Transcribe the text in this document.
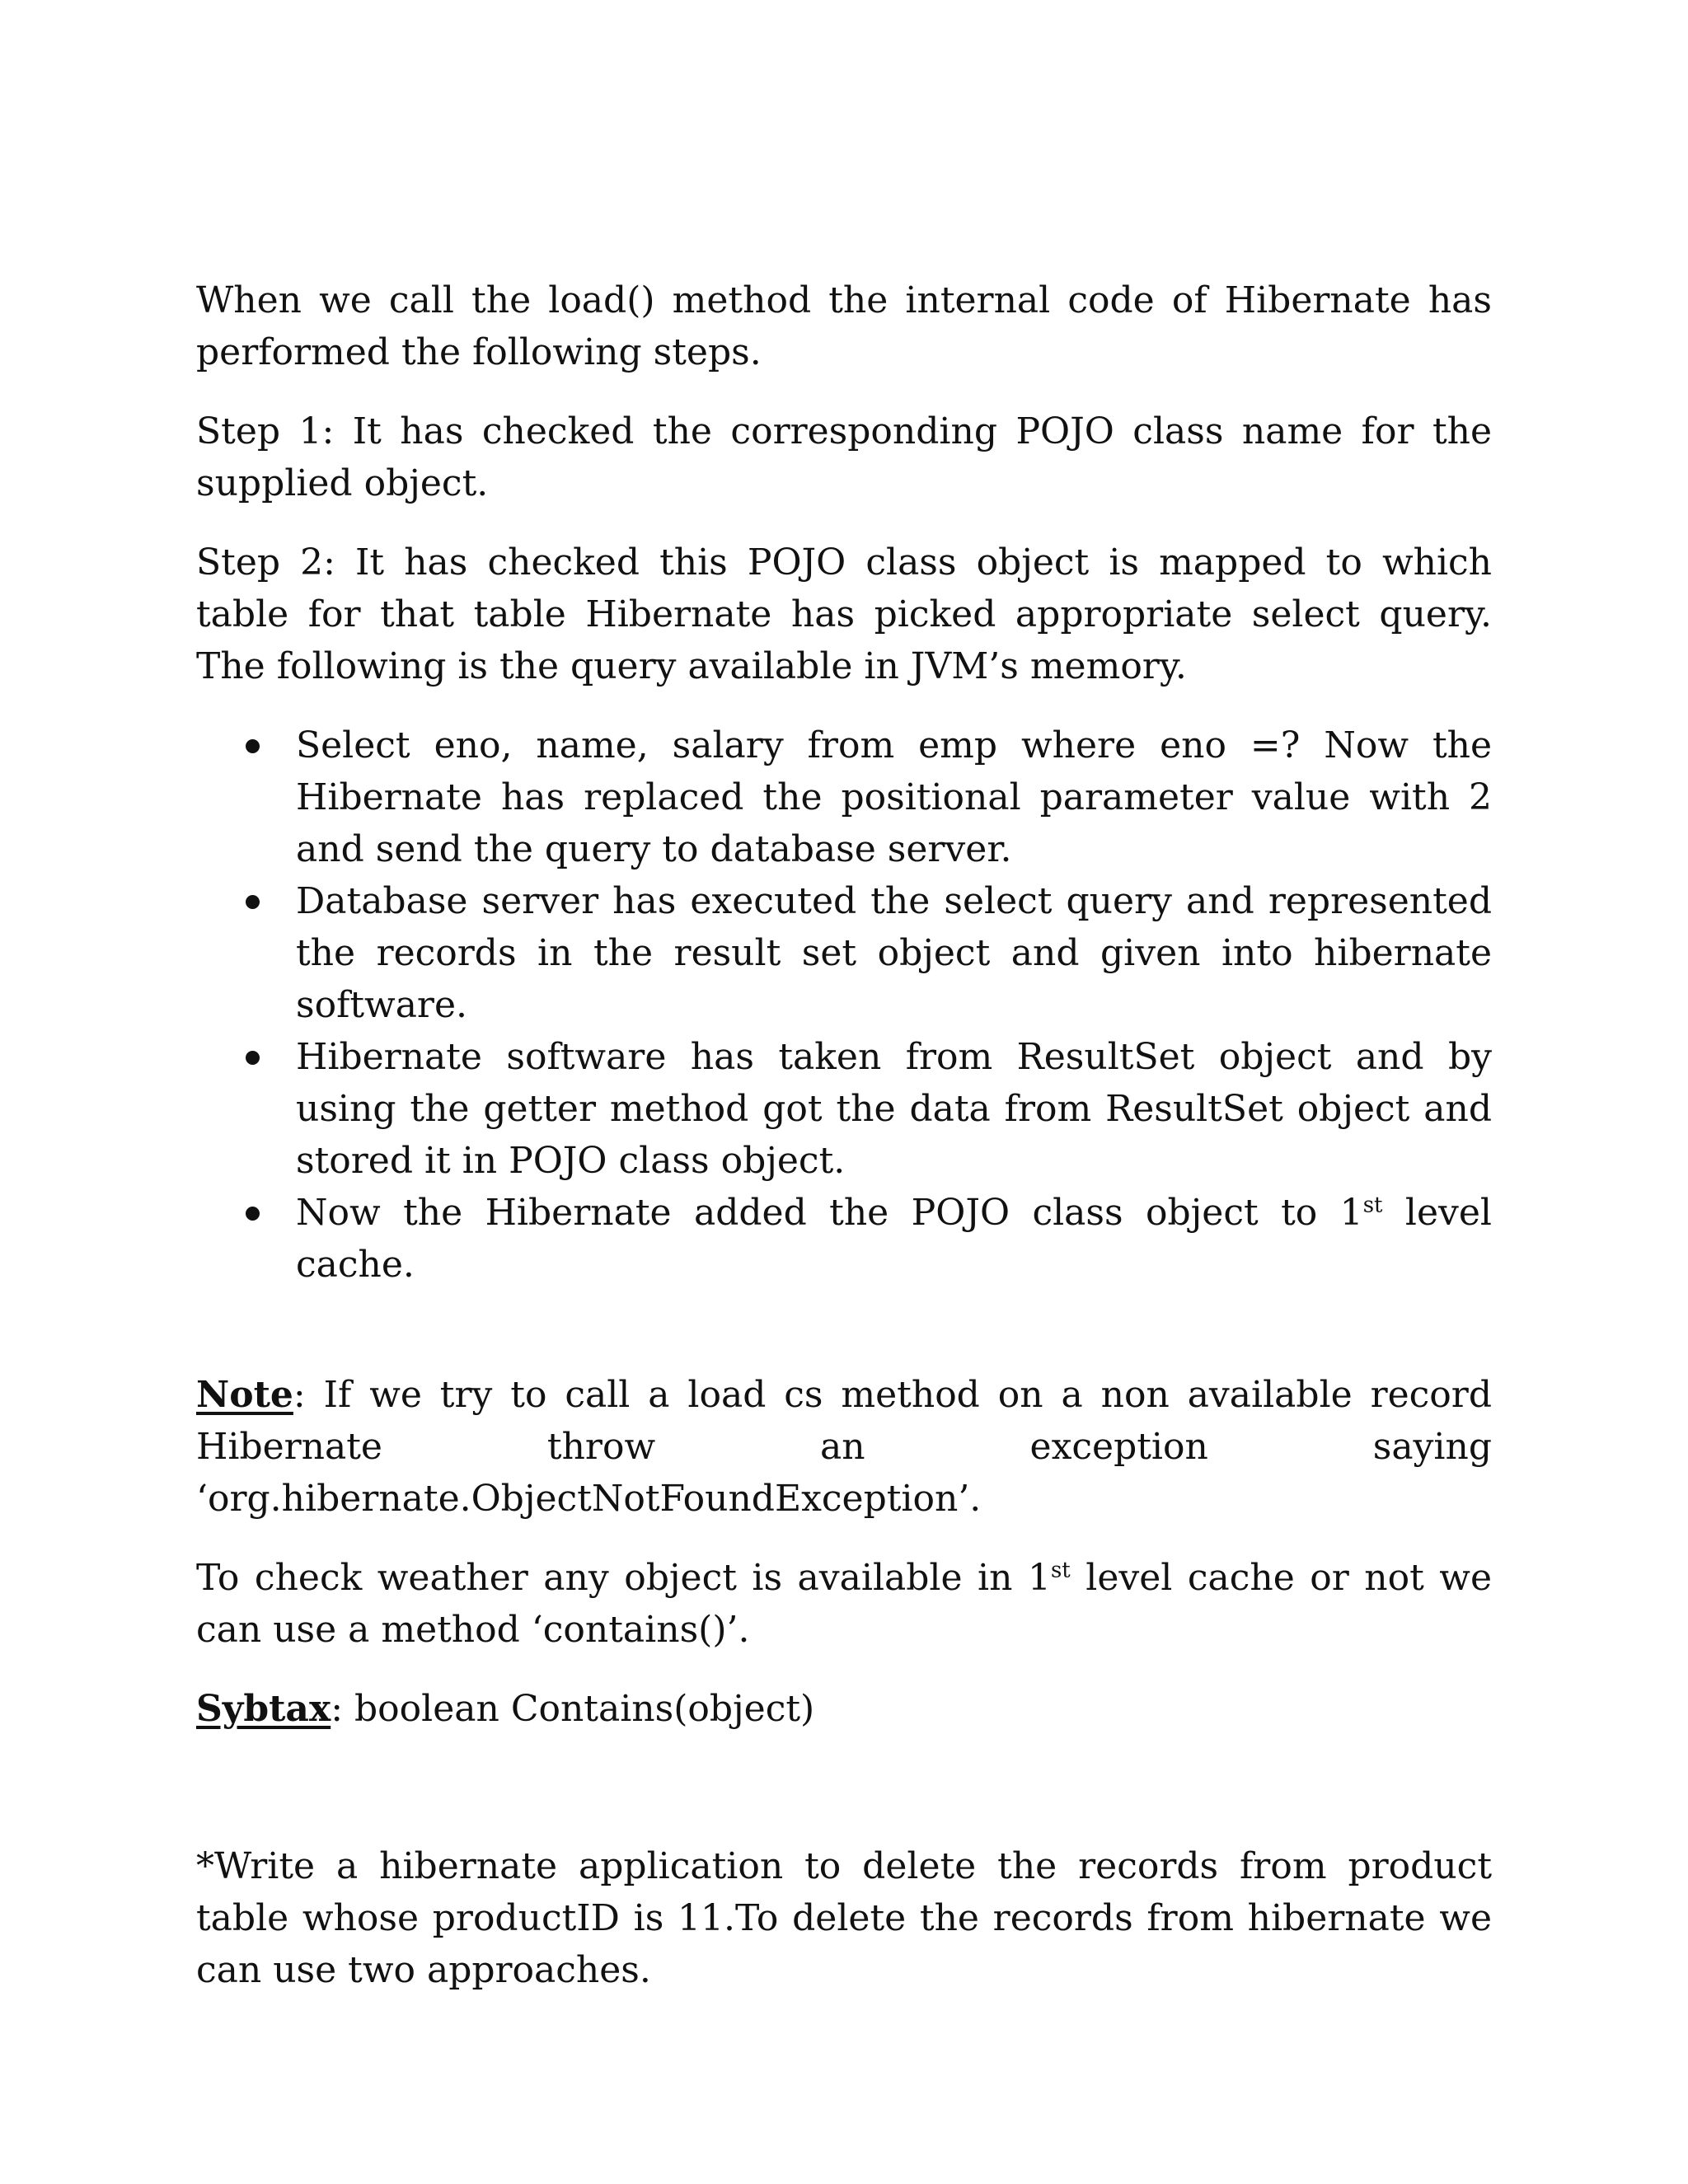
When we call the load() method the internal code of Hibernate has performed the following steps.

Step 1: It has checked the corresponding POJO class name for the supplied object.

Step 2: It has checked this POJO class object is mapped to which table for that table Hibernate has picked appropriate select query. The following is the query available in JVM’s memory.

Select eno, name, salary from emp where eno =? Now the Hibernate has replaced the positional parameter value with 2 and send the query to database server.
Database server has executed the select query and represented the records in the result set object and given into hibernate software.
Hibernate software has taken from ResultSet object and by using the getter method got the data from ResultSet object and stored it in POJO class object.
Now the Hibernate added the POJO class object to 1st level cache.

Note: If we try to call a load cs method on a non available record Hibernate throw an exception saying ‘org.hibernate.ObjectNotFoundException’.

To check weather any object is available in 1st level cache or not we can use a method ‘contains()’.

Sybtax: boolean Contains(object)

*Write a hibernate application to delete the records from product table whose productID is 11.To delete the records from hibernate we can use two approaches.
